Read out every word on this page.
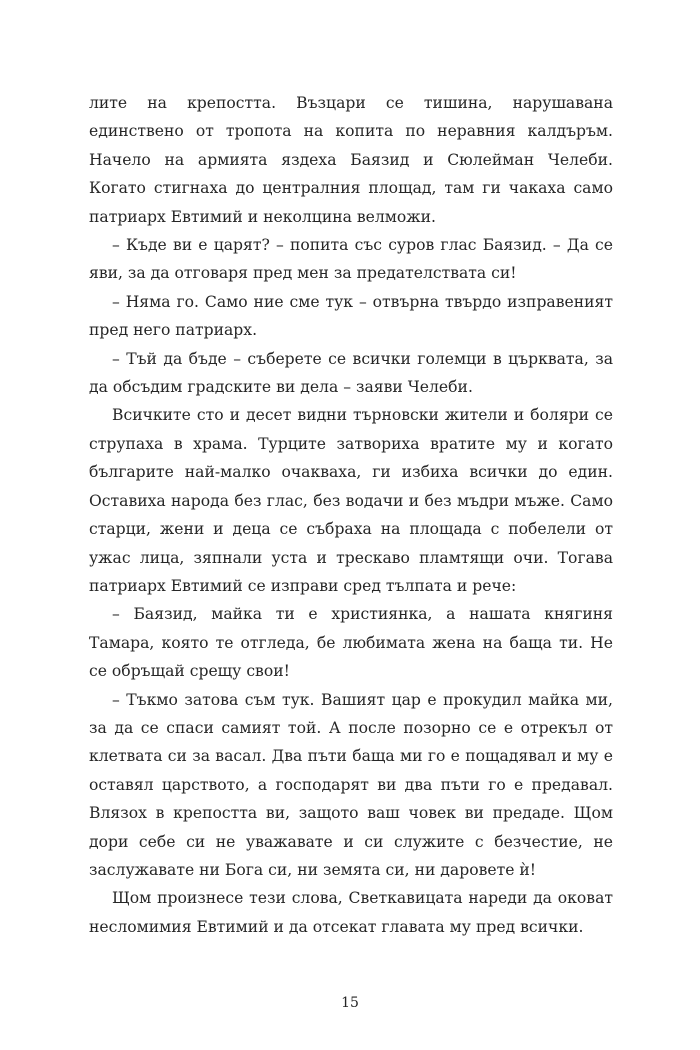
лите на крепостта. Възцари се тишина, нарушавана единствено от тропота на копита по неравния калдъръм. Начело на армията яздеха Баязид и Сюлейман Челеби. Когато стигнаха до централния площад, там ги чакаха само патриарх Евтимий и неколцина велможи.

– Къде ви е царят? – попита със суров глас Баязид. – Да се яви, за да отговаря пред мен за предателствата си!

– Няма го. Само ние сме тук – отвърна твърдо изправеният пред него патриарх.

– Тъй да бъде – съберете се всички големци в църквата, за да обсъдим градските ви дела – заяви Челеби.

Всичките сто и десет видни търновски жители и боляри се струпаха в храма. Турците затвориха вратите му и когато българите най-малко очакваха, ги избиха всички до един. Оставиха народа без глас, без водачи и без мъдри мъже. Само старци, жени и деца се събраха на площада с побелели от ужас лица, зяпнали уста и трескаво пламтящи очи. Тогава патриарх Евтимий се изправи сред тълпата и рече:

– Баязид, майка ти е християнка, а нашата княгиня Тамара, която те отгледа, бе любимата жена на баща ти. Не се обръщай срещу свои!

– Тъкмо затова съм тук. Вашият цар е прокудил майка ми, за да се спаси самият той. А после позорно се е отрекъл от клетвата си за васал. Два пъти баща ми го е пощадявал и му е оставял царството, а господарят ви два пъти го е предавал. Влязох в крепостта ви, защото ваш човек ви предаде. Щом дори себе си не уважавате и си служите с безчестие, не заслужавате ни Бога си, ни земята си, ни даровете ѝ!

Щом произнесе тези слова, Светкавицата нареди да оковат несломимия Евтимий и да отсекат главата му пред всички.

15
